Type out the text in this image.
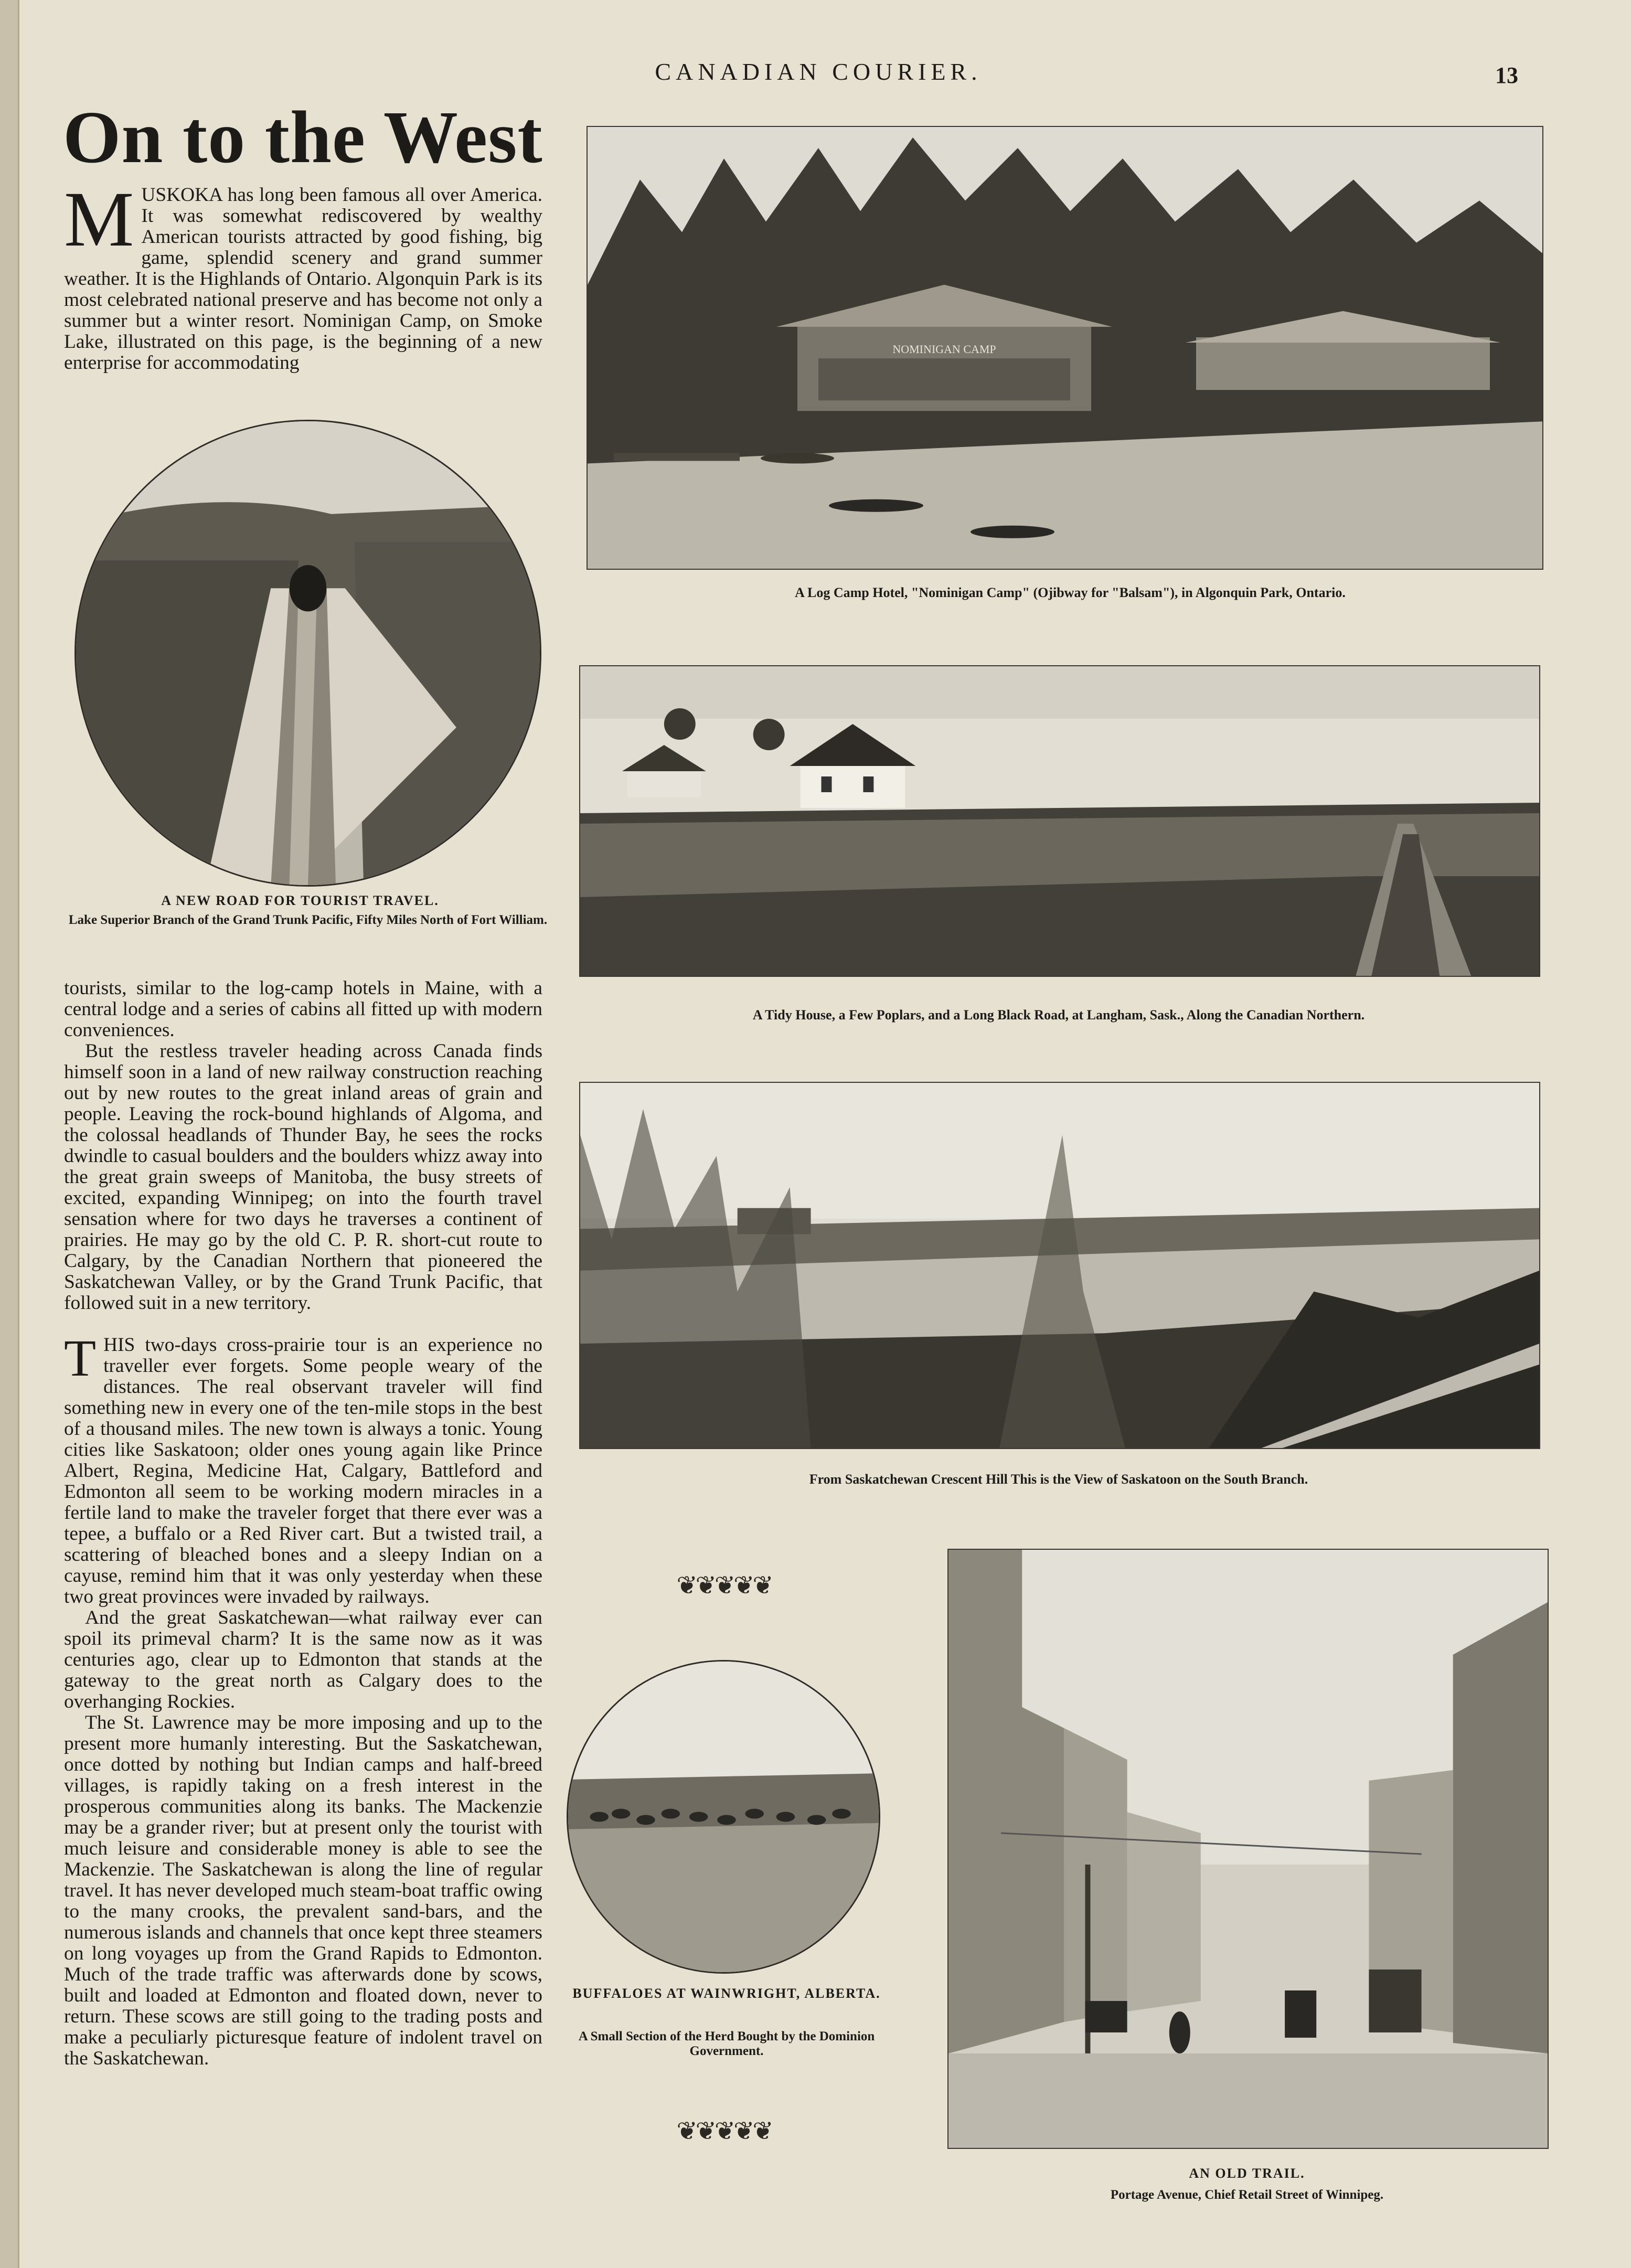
CANADIAN COURIER.	13
On to the West

MUSKOKA has long been famous all over America. It was somewhat rediscovered by wealthy American tourists attracted by good fishing, big game, splendid scenery and grand summer weather. It is the Highlands of Ontario. Algonquin Park is its most celebrated national preserve and has become not only a summer but a winter resort. Nominigan Camp, on Smoke Lake, illustrated on this page, is the beginning of a new enterprise for accommodating

A NEW ROAD FOR TOURIST TRAVEL.
Lake Superior Branch of the Grand Trunk Pacific, Fifty Miles North of Fort William.

tourists, similar to the log-camp hotels in Maine, with a central lodge and a series of cabins all fitted up with modern conveniences.

But the restless traveler heading across Canada finds himself soon in a land of new railway construction reaching out by new routes to the great inland areas of grain and people. Leaving the rock-bound highlands of Algoma, and the colossal headlands of Thunder Bay, he sees the rocks dwindle to casual boulders and the boulders whizz away into the great grain sweeps of Manitoba, the busy streets of excited, expanding Winnipeg; on into the fourth travel sensation where for two days he traverses a continent of prairies. He may go by the old C. P. R. short-cut route to Calgary, by the Canadian Northern that pioneered the Saskatchewan Valley, or by the Grand Trunk Pacific, that followed suit in a new territory.

THIS two-days cross-prairie tour is an experience no traveller ever forgets. Some people weary of the distances. The real observant traveler will find something new in every one of the ten-mile stops in the best of a thousand miles. The new town is always a tonic. Young cities like Saskatoon; older ones young again like Prince Albert, Regina, Medicine Hat, Calgary, Battleford and Edmonton all seem to be working modern miracles in a fertile land to make the traveler forget that there ever was a tepee, a buffalo or a Red River cart. But a twisted trail, a scattering of bleached bones and a sleepy Indian on a cayuse, remind him that it was only yesterday when these two great provinces were invaded by railways.

And the great Saskatchewan—what railway ever can spoil its primeval charm? It is the same now as it was centuries ago, clear up to Edmonton that stands at the gateway to the great north as Calgary does to the overhanging Rockies.

The St. Lawrence may be more imposing and up to the present more humanly interesting. But the Saskatchewan, once dotted by nothing but Indian camps and half-breed villages, is rapidly taking on a fresh interest in the prosperous communities along its banks. The Mackenzie may be a grander river; but at present only the tourist with much leisure and considerable money is able to see the Mackenzie. The Saskatchewan is along the line of regular travel. It has never developed much steam-boat traffic owing to the many crooks, the prevalent sand-bars, and the numerous islands and channels that once kept three steamers on long voyages up from the Grand Rapids to Edmonton. Much of the trade traffic was afterwards done by scows, built and loaded at Edmonton and floated down, never to return. These scows are still going to the trading posts and make a peculiarly picturesque feature of indolent travel on the Saskatchewan.

NOMINIGAN CAMP
A Log Camp Hotel, "Nominigan Camp" (Ojibway for "Balsam"), in Algonquin Park, Ontario.
A Tidy House, a Few Poplars, and a Long Black Road, at Langham, Sask., Along the Canadian Northern.
From Saskatchewan Crescent Hill This is the View of Saskatoon on the South Branch.
❦❦❦❦❦
BUFFALOES AT WAINWRIGHT, ALBERTA.
A Small Section of the Herd Bought by the Dominion Government.
❦❦❦❦❦
AN OLD TRAIL.
Portage Avenue, Chief Retail Street of Winnipeg.
